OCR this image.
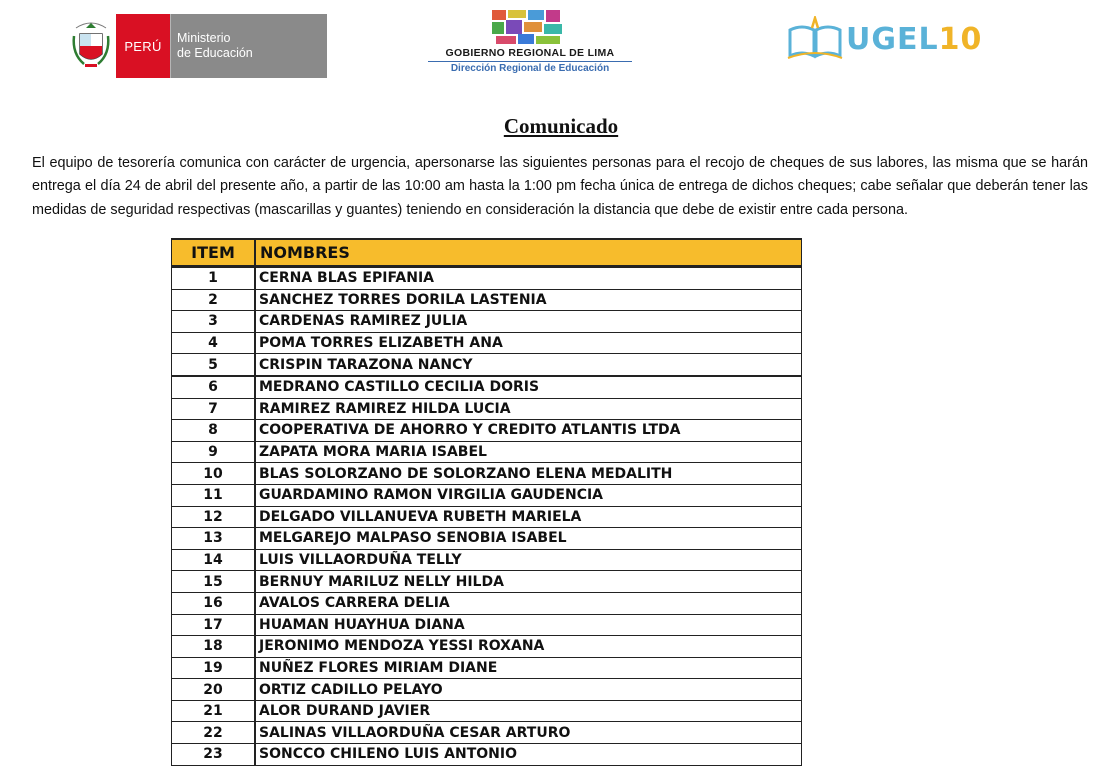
PERÚ
Ministerio
de Educación	GOBIERNO REGIONAL DE LIMA
Dirección Regional de Educación
UGEL10
Comunicado
El equipo de tesorería comunica con carácter de urgencia, apersonarse las siguientes personas para el recojo de cheques de sus labores, las misma que se harán entrega el día 24 de abril del presente año, a partir de las 10:00 am hasta la 1:00 pm fecha única de entrega de dichos cheques; cabe señalar que deberán tener las medidas de seguridad respectivas (mascarillas y guantes) teniendo en consideración la distancia que debe de existir entre cada persona.
ITEM	NOMBRES
1	CERNA BLAS EPIFANIA
2	SANCHEZ TORRES DORILA LASTENIA
3	CARDENAS RAMIREZ JULIA
4	POMA TORRES ELIZABETH ANA
5	CRISPIN TARAZONA NANCY
6	MEDRANO CASTILLO CECILIA DORIS
7	RAMIREZ RAMIREZ HILDA LUCIA
8	COOPERATIVA DE AHORRO Y CREDITO ATLANTIS LTDA
9	ZAPATA MORA MARIA ISABEL
10	BLAS SOLORZANO DE SOLORZANO ELENA MEDALITH
11	GUARDAMINO RAMON VIRGILIA GAUDENCIA
12	DELGADO VILLANUEVA RUBETH MARIELA
13	MELGAREJO MALPASO SENOBIA ISABEL
14	LUIS VILLAORDUÑA TELLY
15	BERNUY MARILUZ NELLY HILDA
16	AVALOS CARRERA DELIA
17	HUAMAN HUAYHUA DIANA
18	JERONIMO MENDOZA YESSI ROXANA
19	NUÑEZ FLORES MIRIAM DIANE
20	ORTIZ CADILLO PELAYO
21	ALOR DURAND JAVIER
22	SALINAS VILLAORDUÑA CESAR ARTURO
23	SONCCO CHILENO LUIS ANTONIO
